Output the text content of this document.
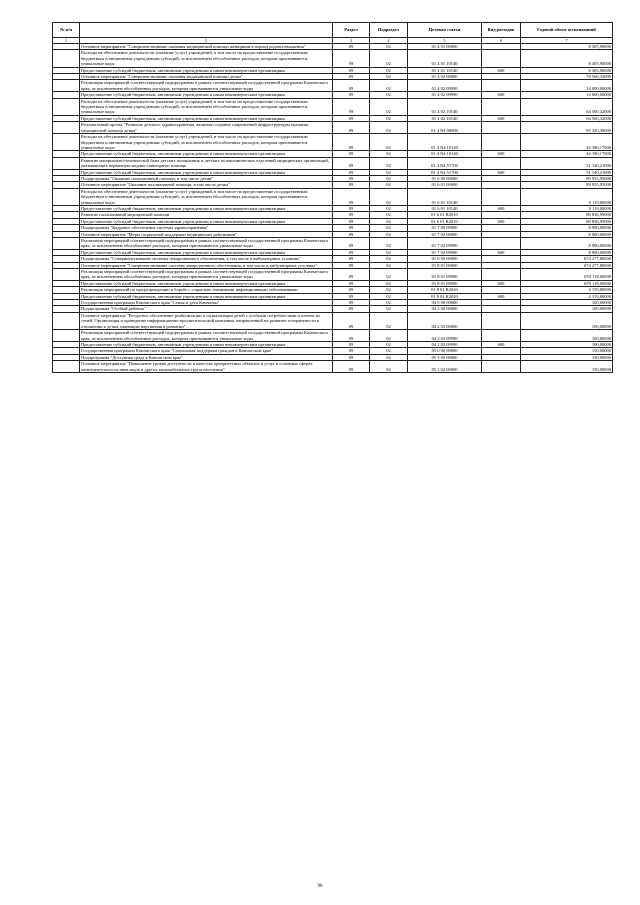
№ п/п		Раздел	Подраздел	Целевая статья	Вид расходов	Годовой объем ассигнований
1	2	3	4	5	6	7
	Основное мероприятие "Совершенствование оказания медицинской помощи женщинам в период родовспоможения"	09	02	01 4 01 00000		8 305,90000
	Расходы на обеспечение деятельности (оказание услуг) учреждений, в том числе на предоставление государственным бюджетным и автономным учреждениям субсидий, за исключением обособленных расходов, которым присваиваются уникальные коды	09	02	01 4 01 10140		8 305,90000
	Предоставление субсидий бюджетным, автономным учреждениям и иным некоммерческим организациям	09	02	01 4 01 10140	600	8 305,90000
	Основное мероприятие "Совершенствование оказания медицинской помощи детям"	09	02	01 4 02 00000		78 560,32000
	Реализация мероприятий соответствующей подпрограммы в рамках соответствующей государственной программы Камчатского края, за исключением обособленных расходов, которым присваиваются уникальные коды	09	02	01 4 02 09990		14 000,00000
	Предоставление субсидий бюджетным, автономным учреждениям и иным некоммерческим организациям	09	02	01 4 02 09990	600	14 000,00000
	Расходы на обеспечение деятельности (оказание услуг) учреждений, в том числе на предоставление государственным бюджетным и автономным учреждениям субсидий, за исключением обособленных расходов, которым присваиваются уникальные коды	09	02	01 4 02 10140		64 560,32000
	Предоставление субсидий бюджетным, автономным учреждениям и иным некоммерческим организациям	09	02	01 4 02 10140	600	64 560,32000
	Региональный проект "Развитие детского здравоохранения, включая создание современной инфраструктуры оказания медицинской помощи детям"	09	02	01 4 N4 00000		95 320,38000
	Расходы на обеспечение деятельности (оказание услуг) учреждений, в том числе на предоставление государственным бюджетным и автономным учреждениям субсидий, за исключением обособленных расходов, которым присваиваются уникальные коды	09	02	01 4 N4 10140		44 180,17000
	Предоставление субсидий бюджетным, автономным учреждениям и иным некоммерческим организациям	09	02	01 4 N4 10140	600	44 180,17000
	Развитие материально-технической базы детских поликлиник и детских поликлинических отделений медицинских организаций, оказывающих первичную медико-санитарную помощь	09	02	01 4 N4 51700		51 140,21000
	Предоставление субсидий бюджетным, автономным учреждениям и иным некоммерческим организациям	09	02	01 4 N4 51700	600	51 140,21000
	Подпрограмма "Оказание паллиативной помощи, в том числе детям"	09	02	01 6 00 00000		89 955,95000
	Основное мероприятие "Оказание паллиативной помощи, в том числе детям"	09	02	01 6 01 00000		89 955,95000
	Расходы на обеспечение деятельности (оказание услуг) учреждений, в том числе на предоставление государственным бюджетным и автономным учреждениям субсидий, за исключением обособленных расходов, которым присваиваются уникальные коды	09	02	01 6 01 10140		9 119,00000
	Предоставление субсидий бюджетным, автономным учреждениям и иным некоммерческим организациям	09	02	01 6 01 10140	600	9 119,00000
	Развитие паллиативной медицинской помощи	09	02	01 6 01 R2010		80 836,95000
	Предоставление субсидий бюджетным, автономным учреждениям и иным некоммерческим организациям	09	02	01 6 01 R2010	600	80 836,95000
	Подпрограмма "Кадровое обеспечение системы здравоохранения"	09	02	01 7 00 00000		8 900,00000
	Основное мероприятие "Меры социальной поддержки медицинских работников"	09	02	01 7 02 00000		8 900,00000
	Реализация мероприятий соответствующей подпрограммы в рамках соответствующей государственной программы Камчатского края, за исключением обособленных расходов, которым присваиваются уникальные коды	09	02	01 7 02 09990		8 900,00000
	Предоставление субсидий бюджетным, автономным учреждениям и иным некоммерческим организациям	09	02	01 7 02 09990	600	8 900,00000
	Подпрограмма "Совершенствование системы лекарственного обеспечения, в том числе в амбулаторных условиях"	09	02	01 8 00 00000		674 277,80000
	Основное мероприятие "Совершенствование системы лекарственного обеспечения, в том числе в амбулаторных условиях"	09	02	01 8 01 00000		674 277,80000
	Реализация мероприятий соответствующей подпрограммы в рамках соответствующей государственной программы Камчатского края, за исключением обособленных расходов, которым присваиваются уникальные коды	09	02	01 8 01 09990		670 118,00000
	Предоставление субсидий бюджетным, автономным учреждениям и иным некоммерческим организациям	09	02	01 8 01 09990	600	670 118,00000
	Реализация мероприятий по предупреждению и борьбе с социально значимыми инфекционными заболеваниями	09	02	01 8 01 R2020		4 159,80000
	Предоставление субсидий бюджетным, автономным учреждениям и иным некоммерческим организациям	09	02	01 8 01 R2020	600	4 159,80000
	Государственная программа Камчатского края "Семья и дети Камчатки"	09	02	04 0 00 00000		100,00000
	Подпрограмма "Особый ребенок"	09	02	04 2 00 00000		100,00000
	Основное мероприятие "Ресурсное обеспечение реабилитации и социализации детей с особыми потребностями и членов их семей. Организация и проведение информационно-просветительской кампании, направленной на развитие толерантности в отношении к детям, имеющим нарушения в развитии"	09	02	04 2 03 00000		100,00000
	Реализация мероприятий соответствующей подпрограммы в рамках соответствующей государственной программы Камчатского края, за исключением обособленных расходов, которым присваиваются уникальные коды	09	02	04 2 03 09990		100,00000
	Предоставление субсидий бюджетным, автономным учреждениям и иным некоммерческим организациям	09	02	04 2 03 09990	600	100,00000
	Государственная программа Камчатского края "Социальная поддержка граждан в Камчатском крае"	09	02	05 0 00 00000		150,00000
	Подпрограмма "Доступная среда в Камчатском крае"	09	02	05 3 00 00000		150,00000
	Основное мероприятие "Повышение уровня доступности и качества приоритетных объектов и услуг в основных сферах жизнедеятельности инвалидов и других маломобильных групп населения"	09	02	05 3 02 00000		150,00000
96
